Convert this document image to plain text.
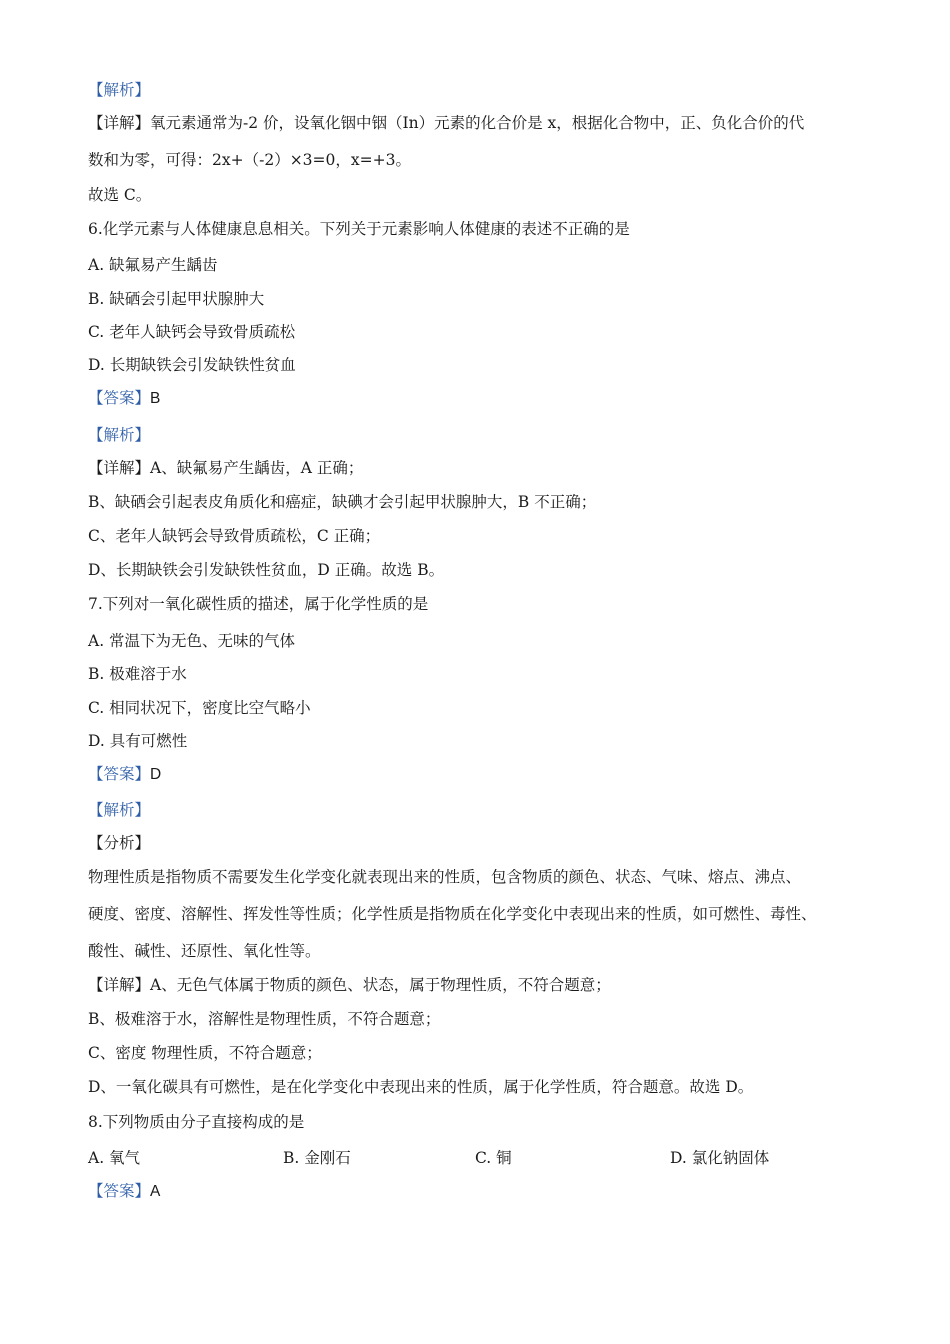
【解析】
【详解】氧元素通常为-2 价，设氧化铟中铟（In）元素的化合价是 x，根据化合物中，正、负化合价的代
数和为零，可得：2x+（-2）×3=0，x=+3。
故选 C。
6.化学元素与人体健康息息相关。下列关于元素影响人体健康的表述不正确的是
A. 缺氟易产生龋齿
B. 缺硒会引起甲状腺肿大
C. 老年人缺钙会导致骨质疏松
D. 长期缺铁会引发缺铁性贫血
【答案】B
【解析】
【详解】A、缺氟易产生龋齿，A 正确；
B、缺硒会引起表皮角质化和癌症，缺碘才会引起甲状腺肿大，B 不正确；
C、老年人缺钙会导致骨质疏松，C 正确；
D、长期缺铁会引发缺铁性贫血，D 正确。故选 B。
7.下列对一氧化碳性质的描述，属于化学性质的是
A. 常温下为无色、无味的气体
B. 极难溶于水
C. 相同状况下，密度比空气略小
D. 具有可燃性
【答案】D
【解析】
【分析】
物理性质是指物质不需要发生化学变化就表现出来的性质，包含物质的颜色、状态、气味、熔点、沸点、
硬度、密度、溶解性、挥发性等性质；化学性质是指物质在化学变化中表现出来的性质，如可燃性、毒性、
酸性、碱性、还原性、氧化性等。
【详解】A、无色气体属于物质的颜色、状态，属于物理性质，不符合题意；
B、极难溶于水，溶解性是物理性质，不符合题意；
C、密度 物理性质，不符合题意；
D、一氧化碳具有可燃性，是在化学变化中表现出来的性质，属于化学性质，符合题意。故选 D。
8.下列物质由分子直接构成的是
A. 氧气	B. 金刚石	C. 铜	D. 氯化钠固体
【答案】A
